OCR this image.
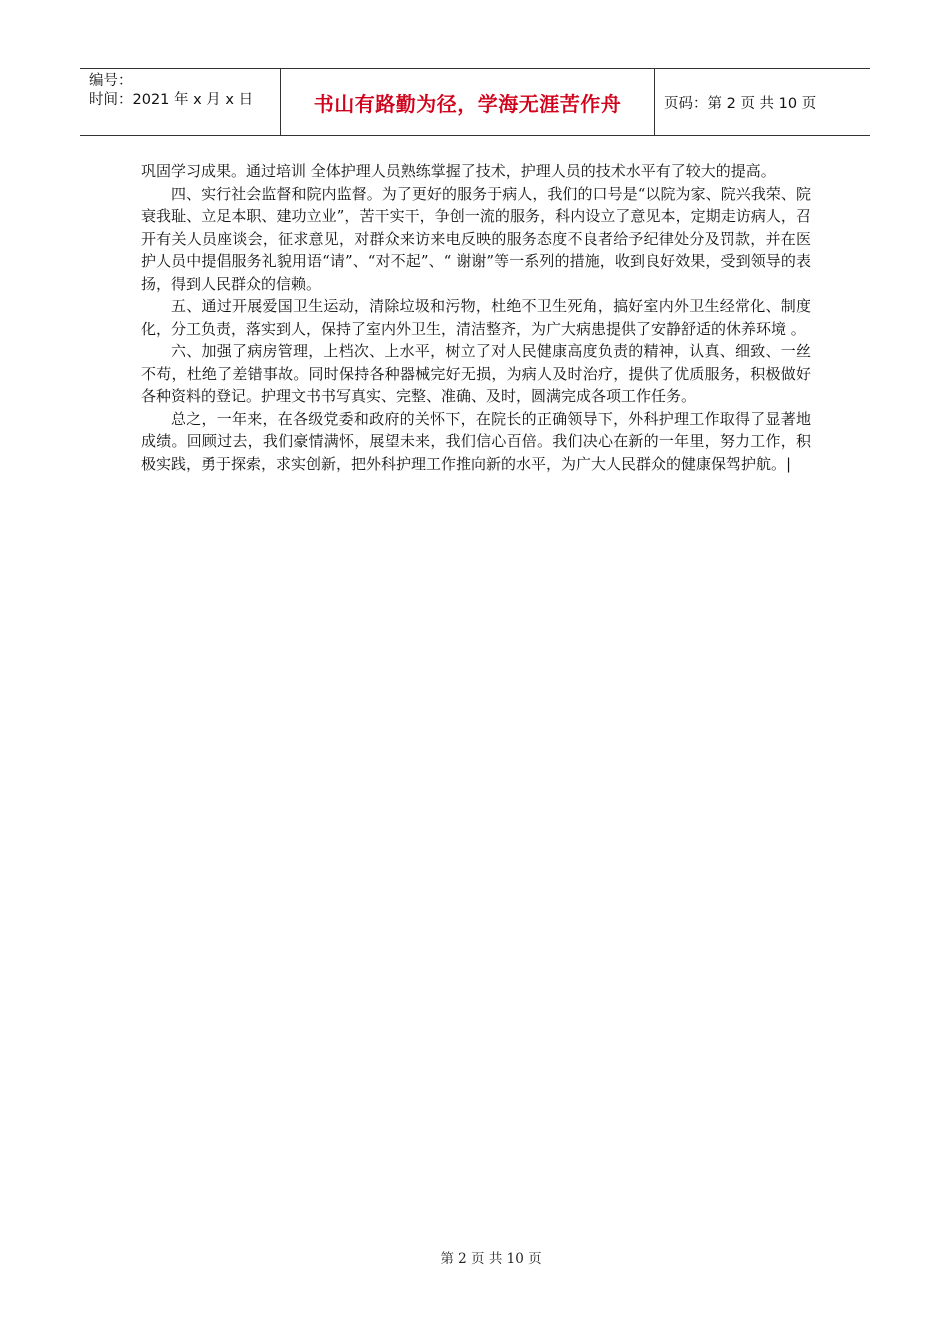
编号：
时间：2021 年 x 月 x 日	书山有路勤为径，学海无涯苦作舟	页码：第 2 页 共 10 页

巩固学习成果。通过培训 全体护理人员熟练掌握了技术，护理人员的技术水平有了较大的提高。

四、实行社会监督和院内监督。为了更好的服务于病人，我们的口号是“以院为家、院兴我荣、院衰我耻、立足本职、建功立业”，苦干实干，争创一流的服务，科内设立了意见本，定期走访病人，召开有关人员座谈会，征求意见，对群众来访来电反映的服务态度不良者给予纪律处分及罚款，并在医护人员中提倡服务礼貌用语“请”、“对不起”、“ 谢谢”等一系列的措施，收到良好效果，受到领导的表扬，得到人民群众的信赖。

五、通过开展爱国卫生运动，清除垃圾和污物，杜绝不卫生死角，搞好室内外卫生经常化、制度化，分工负责，落实到人，保持了室内外卫生，清洁整齐，为广大病患提供了安静舒适的休养环境 。

六、加强了病房管理，上档次、上水平，树立了对人民健康高度负责的精神，认真、细致、一丝不苟，杜绝了差错事故。同时保持各种器械完好无损，为病人及时治疗，提供了优质服务，积极做好各种资料的登记。护理文书书写真实、完整、准确、及时，圆满完成各项工作任务。

总之，一年来，在各级党委和政府的关怀下，在院长的正确领导下，外科护理工作取得了显著地成绩。回顾过去，我们豪情满怀，展望未来，我们信心百倍。我们决心在新的一年里，努力工作，积极实践，勇于探索，求实创新，把外科护理工作推向新的水平，为广大人民群众的健康保驾护航。|

第 2 页 共 10 页
